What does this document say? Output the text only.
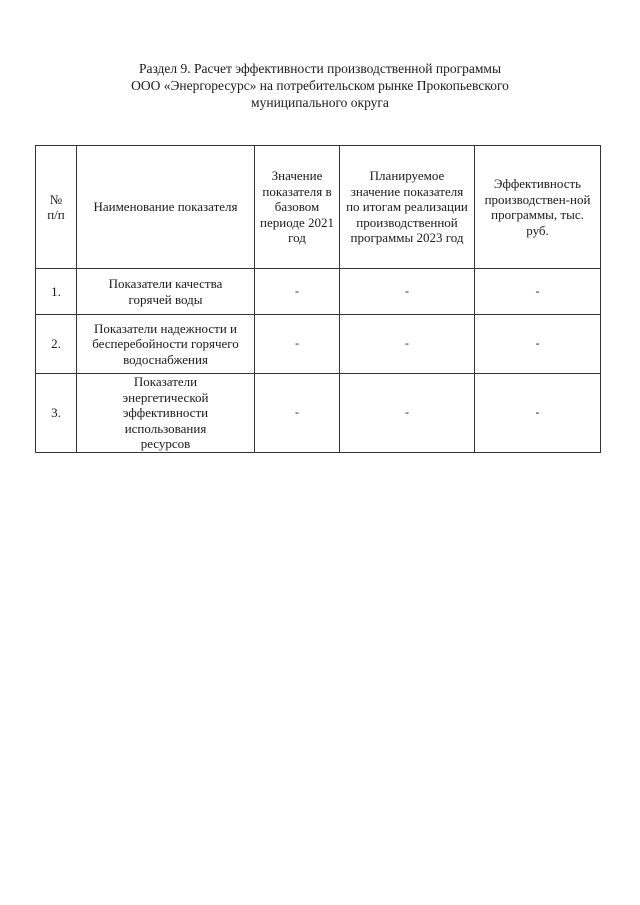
Раздел 9. Расчет эффективности производственной программы
ООО «Энергоресурс» на потребительском рынке Прокопьевского
муниципального округа
№ п/п	Наименование показателя	Значение показателя в базовом периоде 2021 год	Планируемое значение показателя по итогам реализации производственной программы 2023 год	Эффективность производствен-ной программы, тыс. руб.
1.	Показатели качества горячей воды	-	-	-
2.	Показатели надежности и бесперебойности горячего водоснабжения	-	-	-
3.	Показатели энергетической эффективности использования ресурсов	-	-	-
